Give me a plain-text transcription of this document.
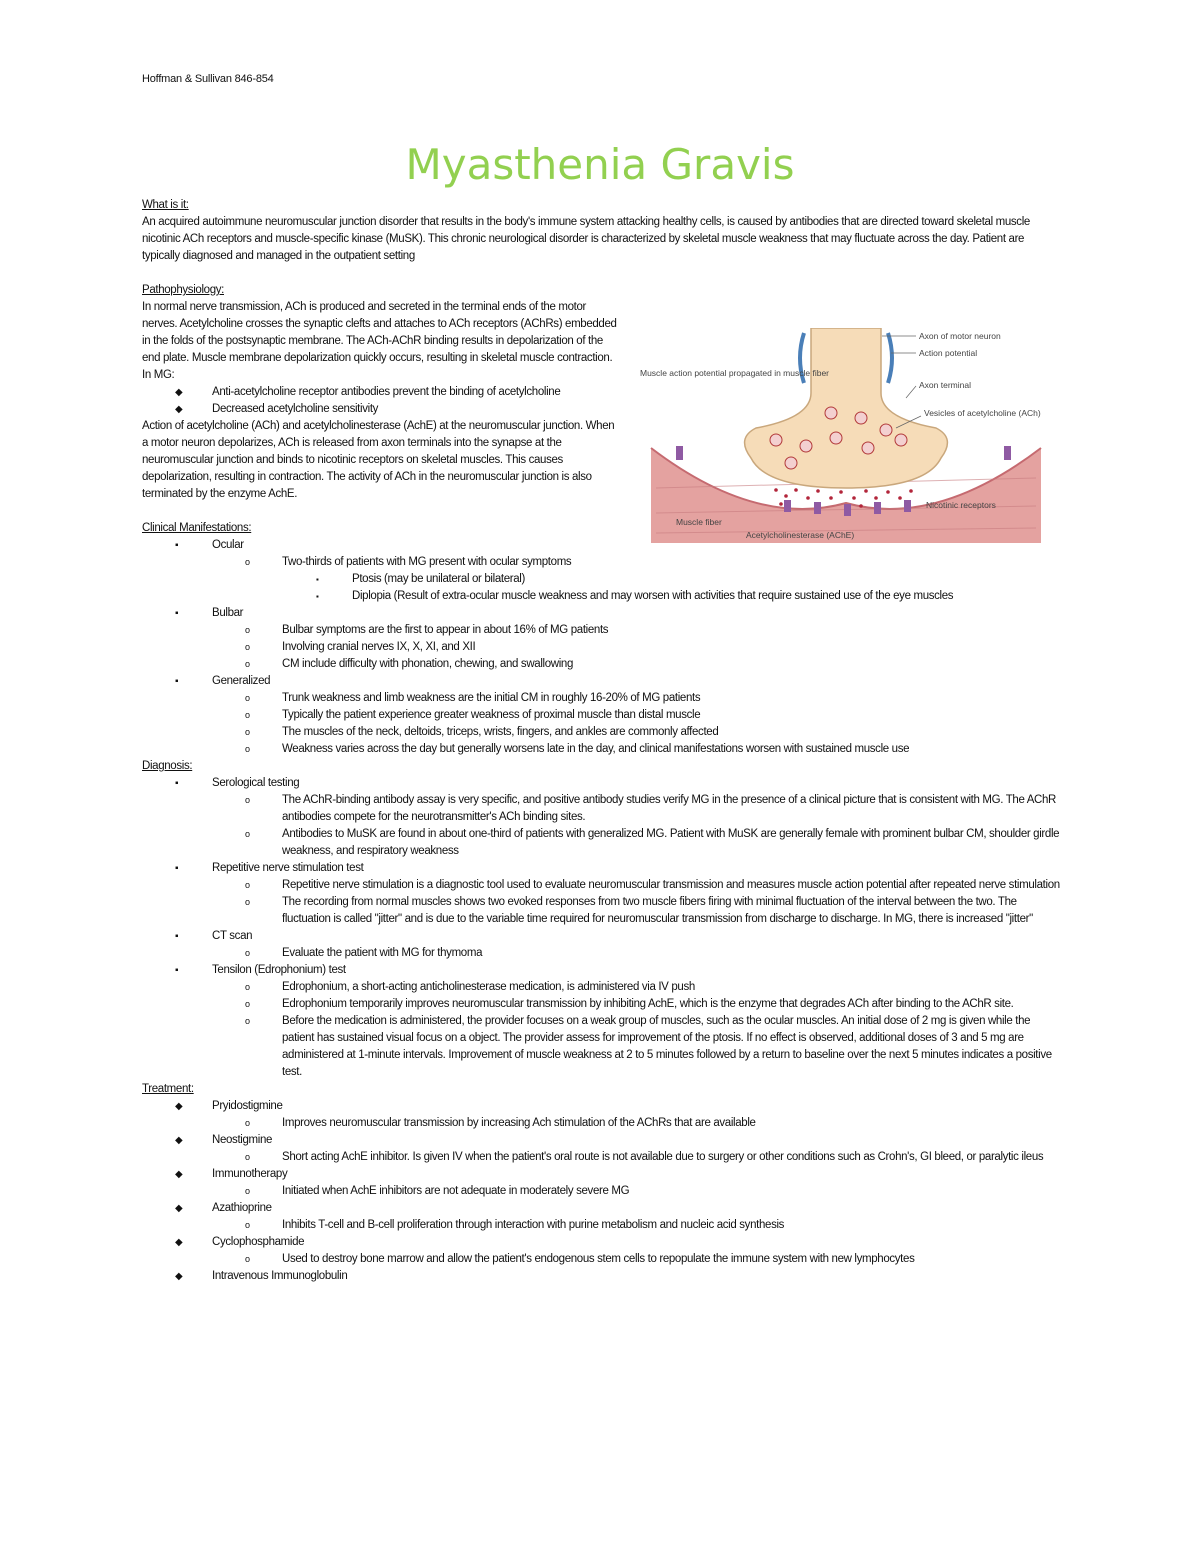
Hoffman & Sullivan 846-854
Myasthenia Gravis
Axon of motor neuron
Action potential
Axon terminal
Vesicles of acetylcholine (ACh)
Muscle action potential propagated in muscle fiber
Muscle fiber
Nicotinic receptors
Acetylcholinesterase (AChE)
What is it:

An acquired autoimmune neuromuscular junction disorder that results in the body's immune system attacking healthy cells, is caused by antibodies that are directed toward skeletal muscle nicotinic ACh receptors and muscle-specific kinase (MuSK). This chronic neurological disorder is characterized by skeletal muscle weakness that may fluctuate across the day. Patient are typically diagnosed and managed in the outpatient setting

Pathophysiology:

In normal nerve transmission, ACh is produced and secreted in the terminal ends of the motor nerves. Acetylcholine crosses the synaptic clefts and attaches to ACh receptors (AChRs) embedded in the folds of the postsynaptic membrane. The ACh-AChR binding results in depolarization of the end plate. Muscle membrane depolarization quickly occurs, resulting in skeletal muscle contraction. In MG:

◆	Anti-acetylcholine receptor antibodies prevent the binding of acetylcholine
◆	Decreased acetylcholine sensitivity

Action of acetylcholine (ACh) and acetylcholinesterase (AchE) at the neuromuscular junction. When a motor neuron depolarizes, ACh is released from axon terminals into the synapse at the neuromuscular junction and binds to nicotinic receptors on skeletal muscles. This causes depolarization, resulting in contraction. The activity of ACh in the neuromuscular junction is also terminated by the enzyme AchE.

Clinical Manifestations:
▪	Ocular
o	Two-thirds of patients with MG present with ocular symptoms
▪	Ptosis (may be unilateral or bilateral)
▪	Diplopia (Result of extra-ocular muscle weakness and may worsen with activities that require sustained use of the eye muscles
▪	Bulbar
o	Bulbar symptoms are the first to appear in about 16% of MG patients
o	Involving cranial nerves IX, X, XI, and XII
o	CM include difficulty with phonation, chewing, and swallowing
▪	Generalized
o	Trunk weakness and limb weakness are the initial CM in roughly 16-20% of MG patients
o	Typically the patient experience greater weakness of proximal muscle than distal muscle
o	The muscles of the neck, deltoids, triceps, wrists, fingers, and ankles are commonly affected
o	Weakness varies across the day but generally worsens late in the day, and clinical manifestations worsen with sustained muscle use
Diagnosis:
▪	Serological testing
o	The AChR-binding antibody assay is very specific, and positive antibody studies verify MG in the presence of a clinical picture that is consistent with MG. The AChR antibodies compete for the neurotransmitter's ACh binding sites.
o	Antibodies to MuSK are found in about one-third of patients with generalized MG. Patient with MuSK are generally female with prominent bulbar CM, shoulder girdle weakness, and respiratory weakness
▪	Repetitive nerve stimulation test
o	Repetitive nerve stimulation is a diagnostic tool used to evaluate neuromuscular transmission and measures muscle action potential after repeated nerve stimulation
o	The recording from normal muscles shows two evoked responses from two muscle fibers firing with minimal fluctuation of the interval between the two. The fluctuation is called "jitter" and is due to the variable time required for neuromuscular transmission from discharge to discharge. In MG, there is increased "jitter"
▪	CT scan
o	Evaluate the patient with MG for thymoma
▪	Tensilon (Edrophonium) test
o	Edrophonium, a short-acting anticholinesterase medication, is administered via IV push
o	Edrophonium temporarily improves neuromuscular transmission by inhibiting AchE, which is the enzyme that degrades ACh after binding to the AChR site.
o	Before the medication is administered, the provider focuses on a weak group of muscles, such as the ocular muscles. An initial dose of 2 mg is given while the patient has sustained visual focus on a object. The provider assess for improvement of the ptosis. If no effect is observed, additional doses of 3 and 5 mg are administered at 1-minute intervals. Improvement of muscle weakness at 2 to 5 minutes followed by a return to baseline over the next 5 minutes indicates a positive test.
Treatment:
◆	Pryidostigmine
o	Improves neuromuscular transmission by increasing Ach stimulation of the AChRs that are available
◆	Neostigmine
o	Short acting AchE inhibitor. Is given IV when the patient's oral route is not available due to surgery or other conditions such as Crohn's, GI bleed, or paralytic ileus
◆	Immunotherapy
o	Initiated when AchE inhibitors are not adequate in moderately severe MG
◆	Azathioprine
o	Inhibits T-cell and B-cell proliferation through interaction with purine metabolism and nucleic acid synthesis
◆	Cyclophosphamide
o	Used to destroy bone marrow and allow the patient's endogenous stem cells to repopulate the immune system with new lymphocytes
◆	Intravenous Immunoglobulin
